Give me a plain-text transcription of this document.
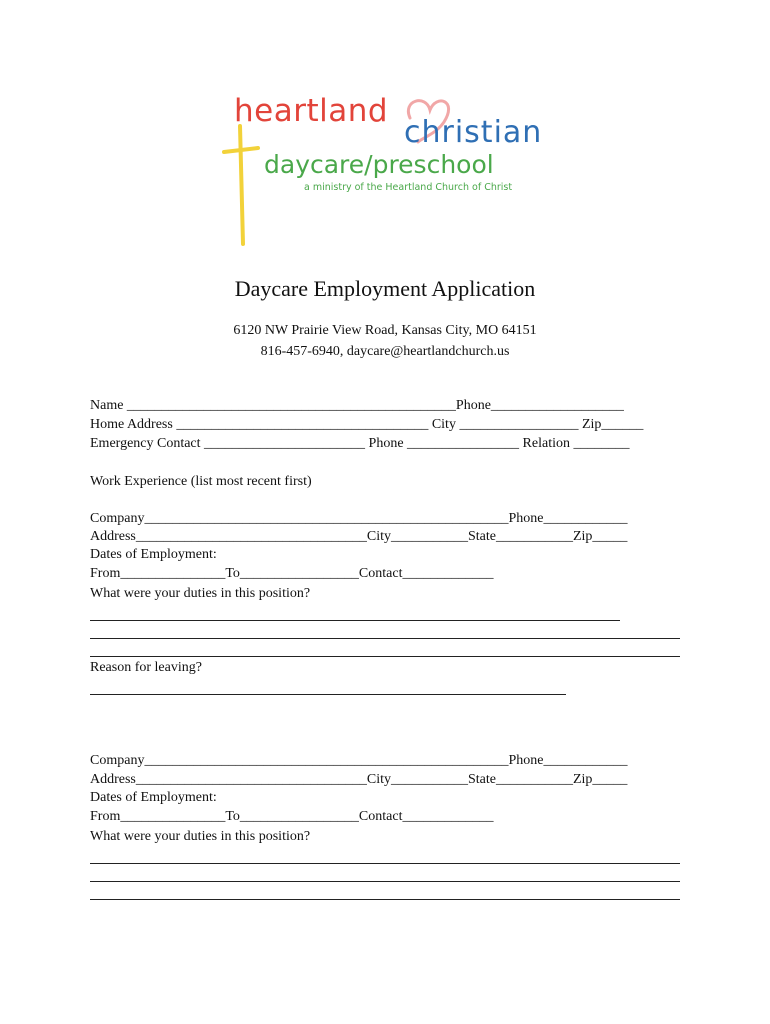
heartland
christian
daycare/preschool
a ministry of the Heartland Church of Christ
Daycare Employment Application
6120 NW Prairie View Road, Kansas City, MO 64151
816-457-6940, daycare@heartlandchurch.us
Name _______________________________________________Phone___________________
Home Address ____________________________________ City _________________ Zip______
Emergency Contact _______________________ Phone ________________ Relation ________
Work Experience (list most recent first)
Company____________________________________________________Phone____________
Address_________________________________City___________State___________Zip_____
Dates of Employment:
From_______________To_________________Contact_____________
What were your duties in this position?
Reason for leaving?
Company____________________________________________________Phone____________
Address_________________________________City___________State___________Zip_____
Dates of Employment:
From_______________To_________________Contact_____________
What were your duties in this position?
